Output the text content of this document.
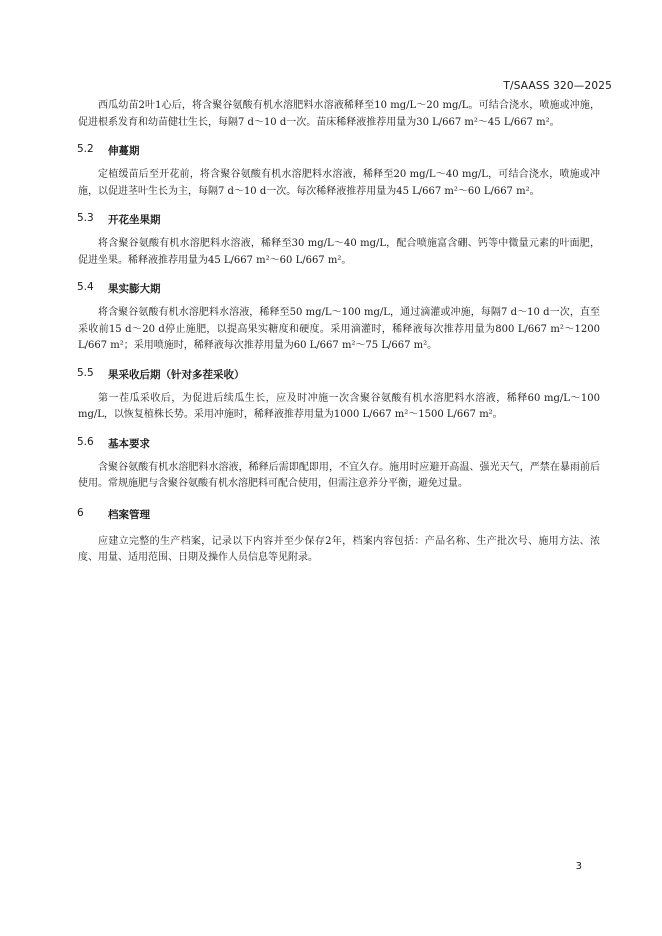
T/SAASS 320—2025

西瓜幼苗2叶1心后，将含聚谷氨酸有机水溶肥料水溶液稀释至10 mg/L～20 mg/L。可结合浇水，喷施或冲施，促进根系发育和幼苗健壮生长，每隔7 d～10 d一次。苗床稀释液推荐用量为30 L/667 m²～45 L/667 m²。

5.2	伸蔓期

定植缓苗后至开花前，将含聚谷氨酸有机水溶肥料水溶液，稀释至20 mg/L～40 mg/L，可结合浇水，喷施或冲施，以促进茎叶生长为主，每隔7 d～10 d一次。每次稀释液推荐用量为45 L/667 m²～60 L/667 m²。

5.3	开花坐果期

将含聚谷氨酸有机水溶肥料水溶液，稀释至30 mg/L～40 mg/L，配合喷施富含硼、钙等中微量元素的叶面肥，促进坐果。稀释液推荐用量为45 L/667 m²～60 L/667 m²。

5.4	果实膨大期

将含聚谷氨酸有机水溶肥料水溶液，稀释至50 mg/L～100 mg/L，通过滴灌或冲施，每隔7 d～10 d一次，直至采收前15 d～20 d停止施肥，以提高果实糖度和硬度。采用滴灌时，稀释液每次推荐用量为800 L/667 m²～1200 L/667 m²；采用喷施时，稀释液每次推荐用量为60 L/667 m²～75 L/667 m²。

5.5	果采收后期（针对多茬采收）

第一茬瓜采收后，为促进后续瓜生长，应及时冲施一次含聚谷氨酸有机水溶肥料水溶液，稀释60 mg/L～100 mg/L，以恢复植株长势。采用冲施时，稀释液推荐用量为1000 L/667 m²～1500 L/667 m²。

5.6	基本要求

含聚谷氨酸有机水溶肥料水溶液，稀释后需即配即用，不宜久存。施用时应避开高温、强光天气，严禁在暴雨前后使用。常规施肥与含聚谷氨酸有机水溶肥料可配合使用，但需注意养分平衡，避免过量。

6	档案管理

应建立完整的生产档案，记录以下内容并至少保存2年，档案内容包括：产品名称、生产批次号、施用方法、浓度、用量、适用范围、日期及操作人员信息等见附录。

3
